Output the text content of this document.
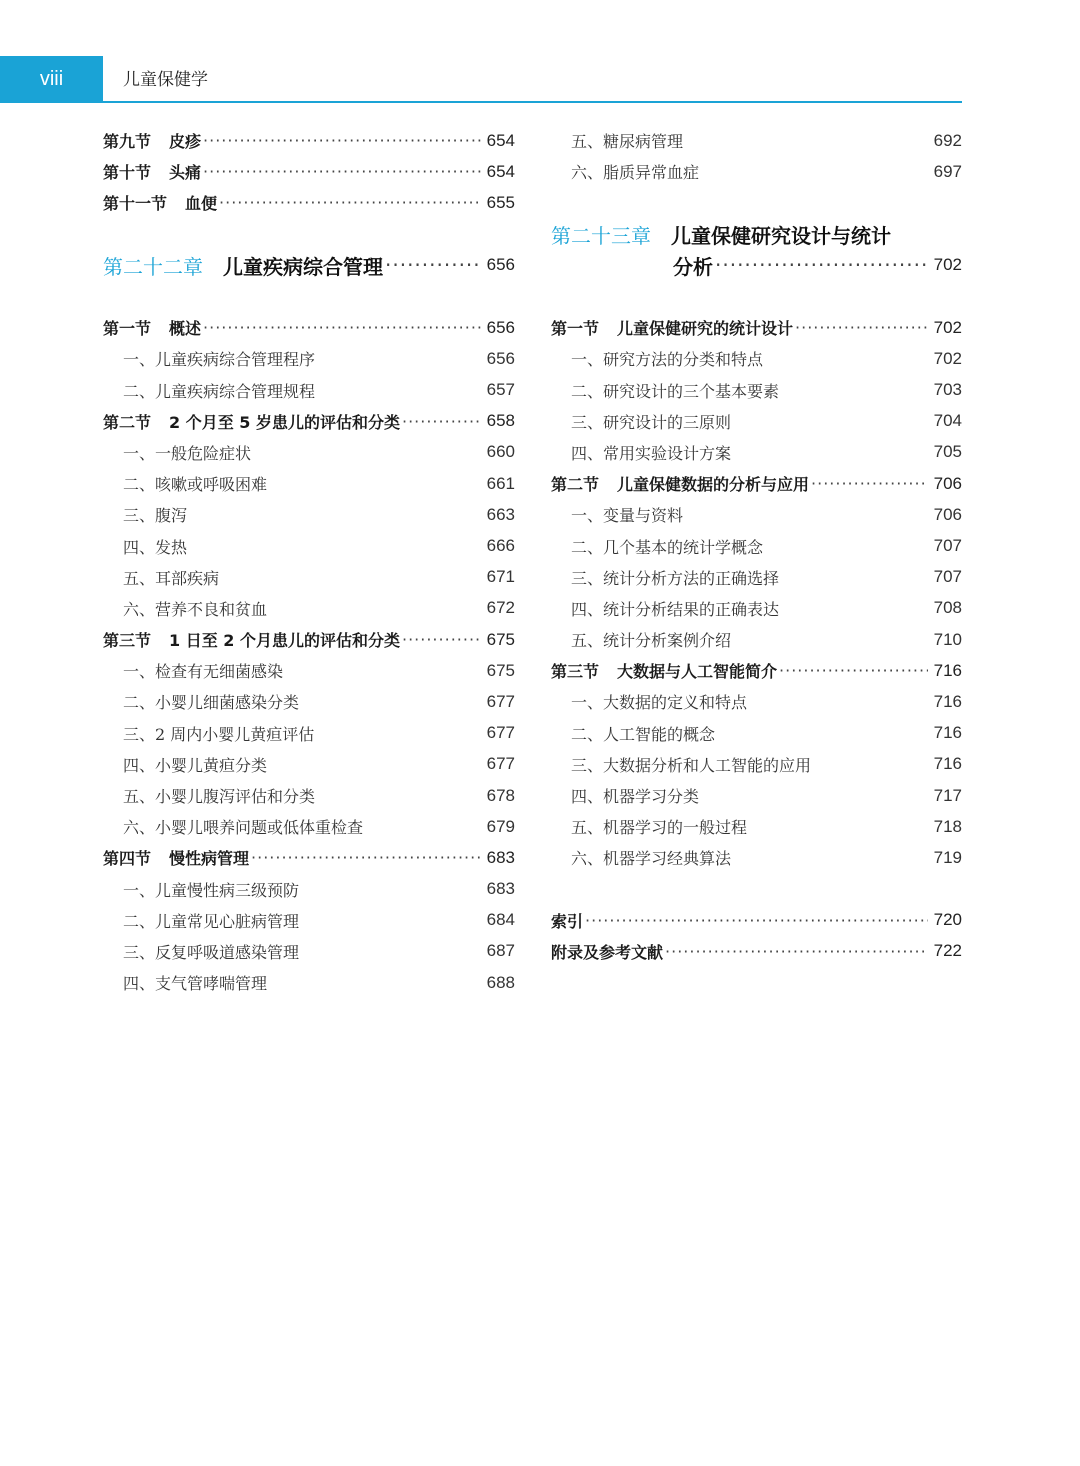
viii	儿童保健学
第九节 皮疹 ·····	654
第十节 头痛 ·····	654
第十一节 血便 ·····	655
第二十二章 儿童疾病综合管理 ·····	656
第一节 概述 ·····	656
一、儿童疾病综合管理程序	656
二、儿童疾病综合管理规程	657
第二节 2 个月至 5 岁患儿的评估和分类 ·····	658
一、一般危险症状	660
二、咳嗽或呼吸困难	661
三、腹泻	663
四、发热	666
五、耳部疾病	671
六、营养不良和贫血	672
第三节 1 日至 2 个月患儿的评估和分类 ·····	675
一、检查有无细菌感染	675
二、小婴儿细菌感染分类	677
三、2 周内小婴儿黄疸评估	677
四、小婴儿黄疸分类	677
五、小婴儿腹泻评估和分类	678
六、小婴儿喂养问题或低体重检查	679
第四节 慢性病管理 ·····	683
一、儿童慢性病三级预防	683
二、儿童常见心脏病管理	684
三、反复呼吸道感染管理	687
四、支气管哮喘管理	688
五、糖尿病管理	692
六、脂质异常血症	697
第二十三章 儿童保健研究设计与统计
分析 ·····	702
第一节 儿童保健研究的统计设计 ·····	702
一、研究方法的分类和特点	702
二、研究设计的三个基本要素	703
三、研究设计的三原则	704
四、常用实验设计方案	705
第二节 儿童保健数据的分析与应用 ·····	706
一、变量与资料	706
二、几个基本的统计学概念	707
三、统计分析方法的正确选择	707
四、统计分析结果的正确表达	708
五、统计分析案例介绍	710
第三节 大数据与人工智能简介 ·····	716
一、大数据的定义和特点	716
二、人工智能的概念	716
三、大数据分析和人工智能的应用	716
四、机器学习分类	717
五、机器学习的一般过程	718
六、机器学习经典算法	719
索引 ·····	720
附录及参考文献 ·····	722
